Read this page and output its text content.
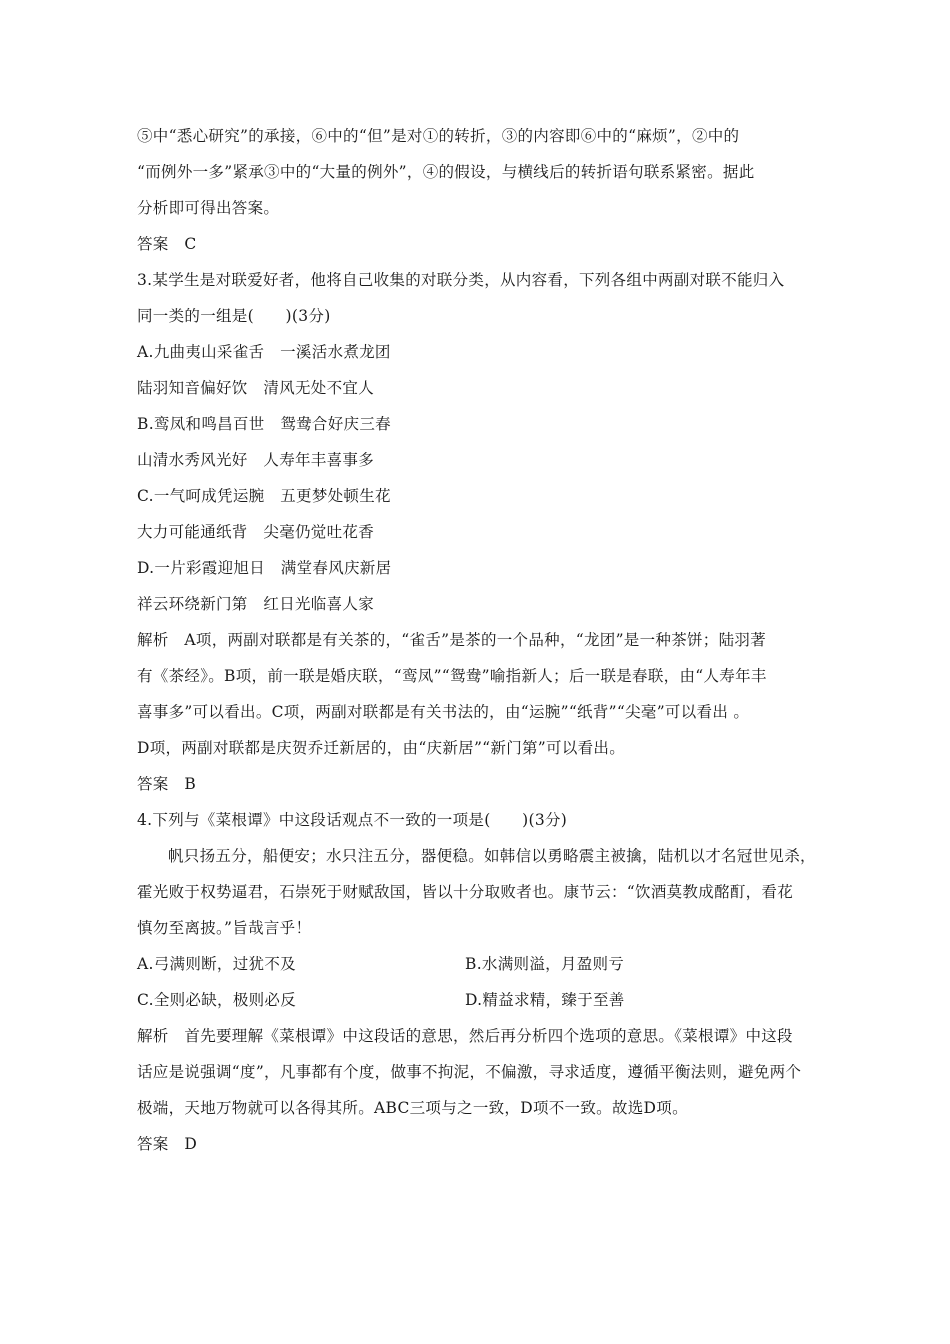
⑤中“悉心研究”的承接，⑥中的“但”是对①的转折，③的内容即⑥中的“麻烦”，②中的
“而例外一多”紧承③中的“大量的例外”，④的假设，与横线后的转折语句联系紧密。据此
分析即可得出答案。
答案　C
3.某学生是对联爱好者，他将自己收集的对联分类，从内容看，下列各组中两副对联不能归入
同一类的一组是(　　)(3分)
A.九曲夷山采雀舌　一溪活水煮龙团
陆羽知音偏好饮　清风无处不宜人
B.鸾凤和鸣昌百世　鸳鸯合好庆三春
山清水秀风光好　人寿年丰喜事多
C.一气呵成凭运腕　五更梦处顿生花
大力可能通纸背　尖毫仍觉吐花香
D.一片彩霞迎旭日　满堂春风庆新居
祥云环绕新门第　红日光临喜人家
解析　A项，两副对联都是有关茶的，“雀舌”是茶的一个品种，“龙团”是一种茶饼；陆羽著
有《茶经》。B项，前一联是婚庆联，“鸾凤”“鸳鸯”喻指新人；后一联是春联，由“人寿年丰
喜事多”可以看出。C项，两副对联都是有关书法的，由“运腕”“纸背”“尖毫”可以看出 。
D项，两副对联都是庆贺乔迁新居的，由“庆新居”“新门第”可以看出。
答案　B
4.下列与《菜根谭》中这段话观点不一致的一项是(　　)(3分)
帆只扬五分，船便安；水只注五分，器便稳。如韩信以勇略震主被擒，陆机以才名冠世见杀，
霍光败于权势逼君，石崇死于财赋敌国，皆以十分取败者也。康节云：“饮酒莫教成酩酊，看花
慎勿至离披。”旨哉言乎！
A.弓满则断，过犹不及	B.水满则溢，月盈则亏
C.全则必缺，极则必反	D.精益求精，臻于至善
解析　首先要理解《菜根谭》中这段话的意思，然后再分析四个选项的意思。《菜根谭》中这段
话应是说强调“度”，凡事都有个度，做事不拘泥，不偏激，寻求适度，遵循平衡法则，避免两个
极端，天地万物就可以各得其所。ABC三项与之一致，D项不一致。故选D项。
答案　D
